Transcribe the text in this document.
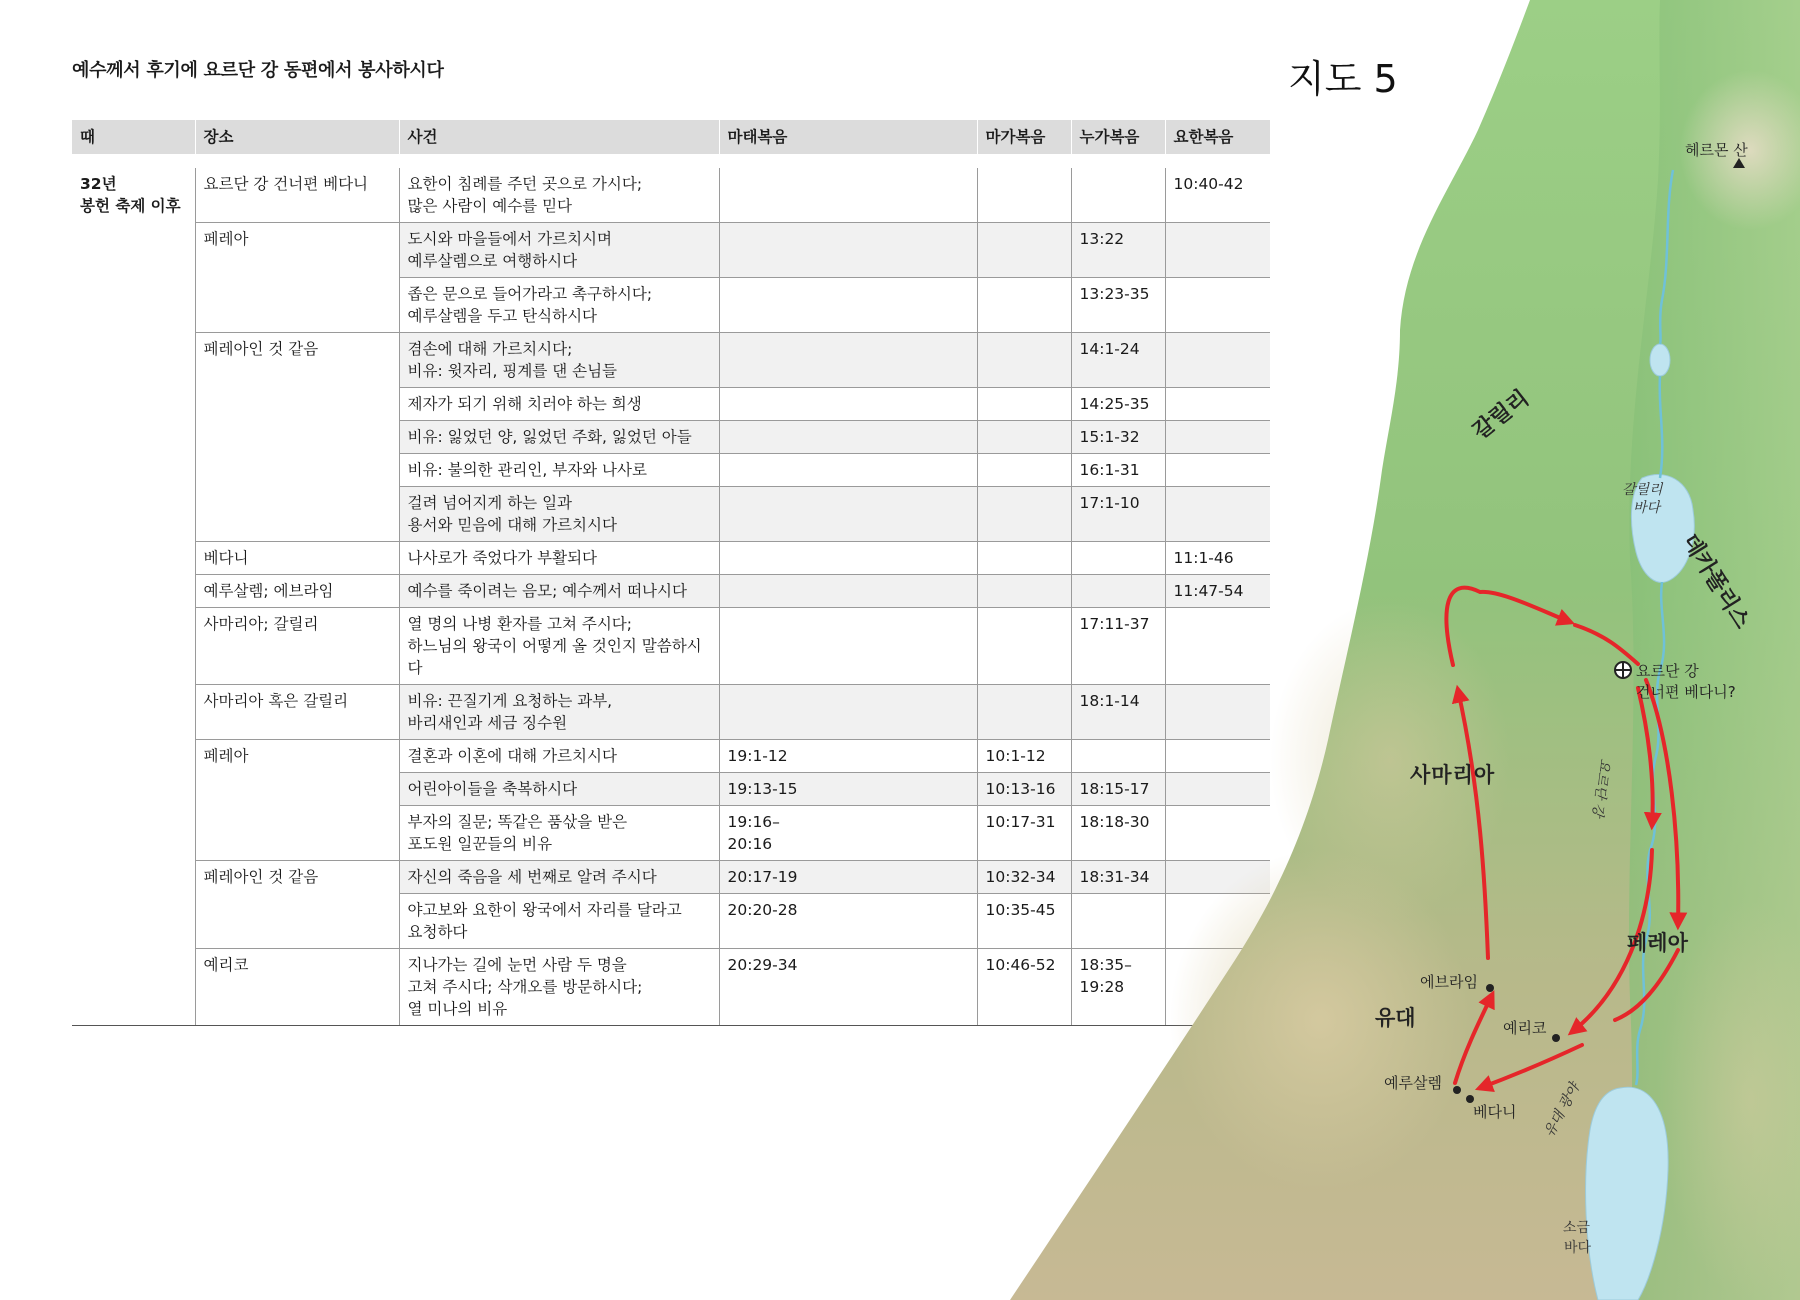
예수께서 후기에 요르단 강 동편에서 봉사하시다	지도 5
때	장소	사건	마태복음	마가복음	누가복음	요한복음

32년
봉헌 축제 이후	요르단 강 건너편 베다니	요한이 침례를 주던 곳으로 가시다;
많은 사람이 예수를 믿다				10:40-42
	페레아	도시와 마을들에서 가르치시며
예루살렘으로 여행하시다			13:22	

		좁은 문으로 들어가라고 촉구하시다;
예루살렘을 두고 탄식하시다			13:23-35	

	페레아인 것 같음	겸손에 대해 가르치시다;
비유: 윗자리, 핑계를 댄 손님들			14:1-24	

		제자가 되기 위해 치러야 하는 희생			14:25-35	

		비유: 잃었던 양, 잃었던 주화, 잃었던 아들			15:1-32	

		비유: 불의한 관리인, 부자와 나사로			16:1-31	

		걸려 넘어지게 하는 일과
용서와 믿음에 대해 가르치시다			17:1-10	

	베다니	나사로가 죽었다가 부활되다				11:1-46
	예루살렘; 에브라임	예수를 죽이려는 음모; 예수께서 떠나시다				11:47-54
	사마리아; 갈릴리	열 명의 나병 환자를 고쳐 주시다;
하느님의 왕국이 어떻게 올 것인지 말씀하시다			17:11-37	

	사마리아 혹은 갈릴리	비유: 끈질기게 요청하는 과부,
바리새인과 세금 징수원			18:1-14	

	페레아	결혼과 이혼에 대해 가르치시다	19:1-12	10:1-12		

		어린아이들을 축복하시다	19:13-15	10:13-16	18:15-17	

		부자의 질문; 똑같은 품삯을 받은
포도원 일꾼들의 비유	19:16–
20:16	10:17-31	18:18-30	

	페레아인 것 같음	자신의 죽음을 세 번째로 알려 주시다	20:17-19	10:32-34	18:31-34	

		야고보와 요한이 왕국에서 자리를 달라고
요청하다	20:20-28	10:35-45		
	예리코	지나가는 길에 눈먼 사람 두 명을
고쳐 주시다; 삭개오를 방문하시다;
열 미나의 비유	20:29-34	10:46-52	18:35–
19:28	

헤르몬 산
갈릴리
데카폴리스
사마리아
페레아
유대
갈릴리
바다
소금
바다
요르단 강
유대 광야
요르단 강
건너편 베다니?
에브라임
예리코
예루살렘
베다니
